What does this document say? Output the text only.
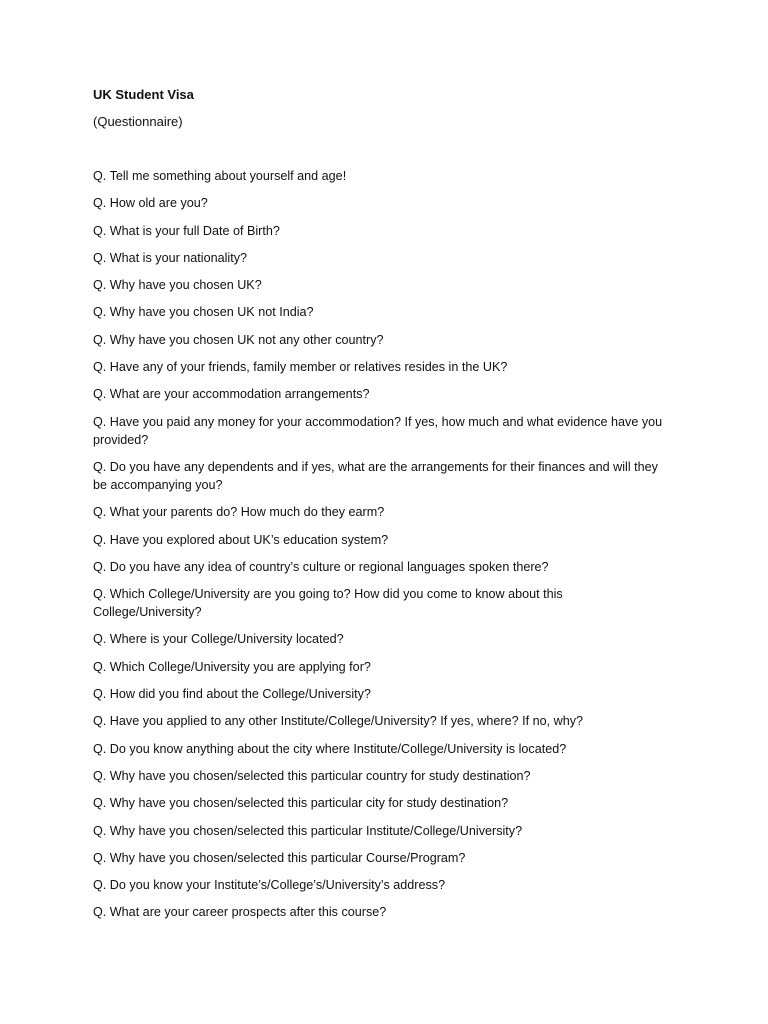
UK Student Visa
(Questionnaire)
Q. Tell me something about yourself and age!
Q. How old are you?
Q. What is your full Date of Birth?
Q. What is your nationality?
Q. Why have you chosen UK?
Q. Why have you chosen UK not India?
Q. Why have you chosen UK not any other country?
Q. Have any of your friends, family member or relatives resides in the UK?
Q. What are your accommodation arrangements?
Q. Have you paid any money for your accommodation? If yes, how much and what evidence have you provided?
Q. Do you have any dependents and if yes, what are the arrangements for their finances and will they be accompanying you?
Q. What your parents do? How much do they earm?
Q. Have you explored about UK’s education system?
Q. Do you have any idea of country’s culture or regional languages spoken there?
Q. Which College/University are you going to? How did you come to know about this College/University?
Q. Where is your College/University located?
Q. Which College/University you are applying for?
Q. How did you find about the College/University?
Q. Have you applied to any other Institute/College/University? If yes, where? If no, why?
Q. Do you know anything about the city where Institute/College/University is located?
Q. Why have you chosen/selected this particular country for study destination?
Q. Why have you chosen/selected this particular city for study destination?
Q. Why have you chosen/selected this particular Institute/College/University?
Q. Why have you chosen/selected this particular Course/Program?
Q. Do you know your Institute’s/College’s/University’s address?
Q. What are your career prospects after this course?
